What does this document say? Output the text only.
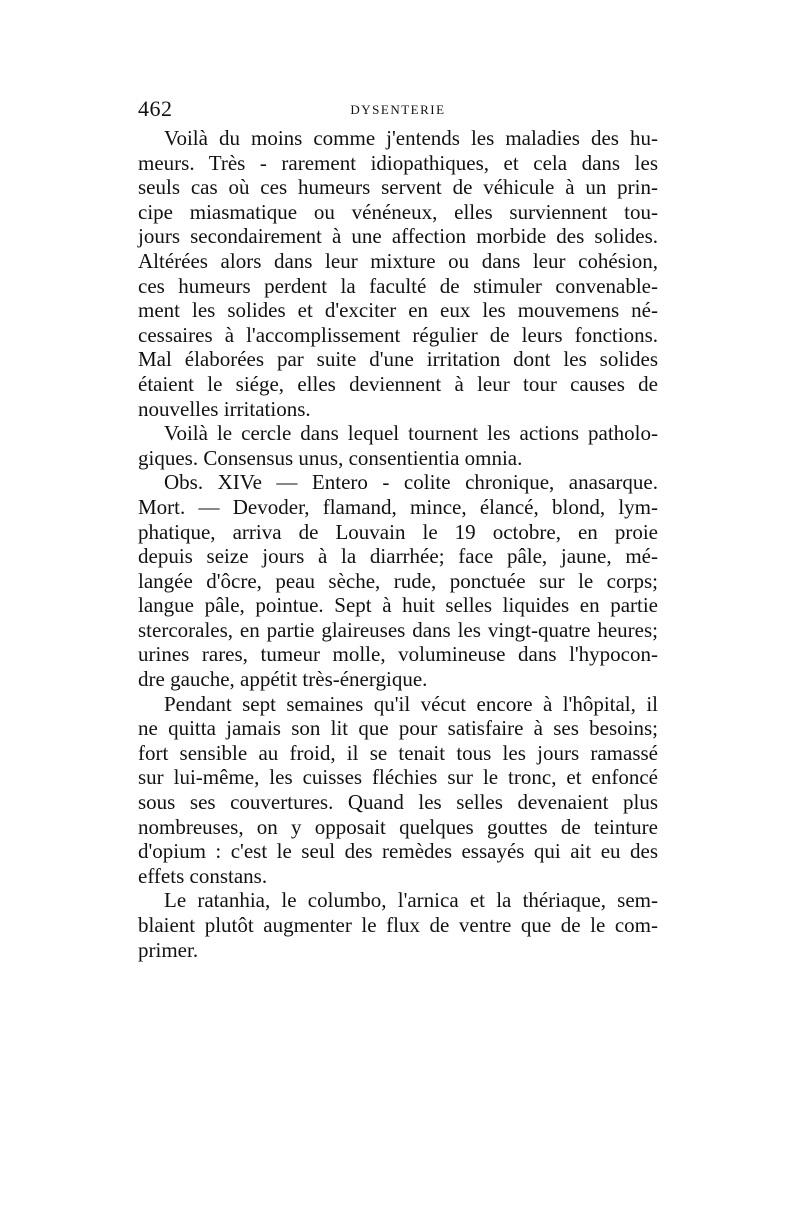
462	DYSENTERIE
Voilà du moins comme j'entends les maladies des hu-
meurs. Très - rarement idiopathiques, et cela dans les
seuls cas où ces humeurs servent de véhicule à un prin-
cipe miasmatique ou vénéneux, elles surviennent tou-
jours secondairement à une affection morbide des solides.
Altérées alors dans leur mixture ou dans leur cohésion,
ces humeurs perdent la faculté de stimuler convenable-
ment les solides et d'exciter en eux les mouvemens né-
cessaires à l'accomplissement régulier de leurs fonctions.
Mal élaborées par suite d'une irritation dont les solides
étaient le siége, elles deviennent à leur tour causes de
nouvelles irritations.
Voilà le cercle dans lequel tournent les actions patholo-
giques. Consensus unus, consentientia omnia.
Obs. XIVe — Entero - colite chronique, anasarque.
Mort. — Devoder, flamand, mince, élancé, blond, lym-
phatique, arriva de Louvain le 19 octobre, en proie
depuis seize jours à la diarrhée; face pâle, jaune, mé-
langée d'ôcre, peau sèche, rude, ponctuée sur le corps;
langue pâle, pointue. Sept à huit selles liquides en partie
stercorales, en partie glaireuses dans les vingt-quatre heures;
urines rares, tumeur molle, volumineuse dans l'hypocon-
dre gauche, appétit très-énergique.
Pendant sept semaines qu'il vécut encore à l'hôpital, il
ne quitta jamais son lit que pour satisfaire à ses besoins;
fort sensible au froid, il se tenait tous les jours ramassé
sur lui-même, les cuisses fléchies sur le tronc, et enfoncé
sous ses couvertures. Quand les selles devenaient plus
nombreuses, on y opposait quelques gouttes de teinture
d'opium : c'est le seul des remèdes essayés qui ait eu des
effets constans.
Le ratanhia, le columbo, l'arnica et la thériaque, sem-
blaient plutôt augmenter le flux de ventre que de le com-
primer.
